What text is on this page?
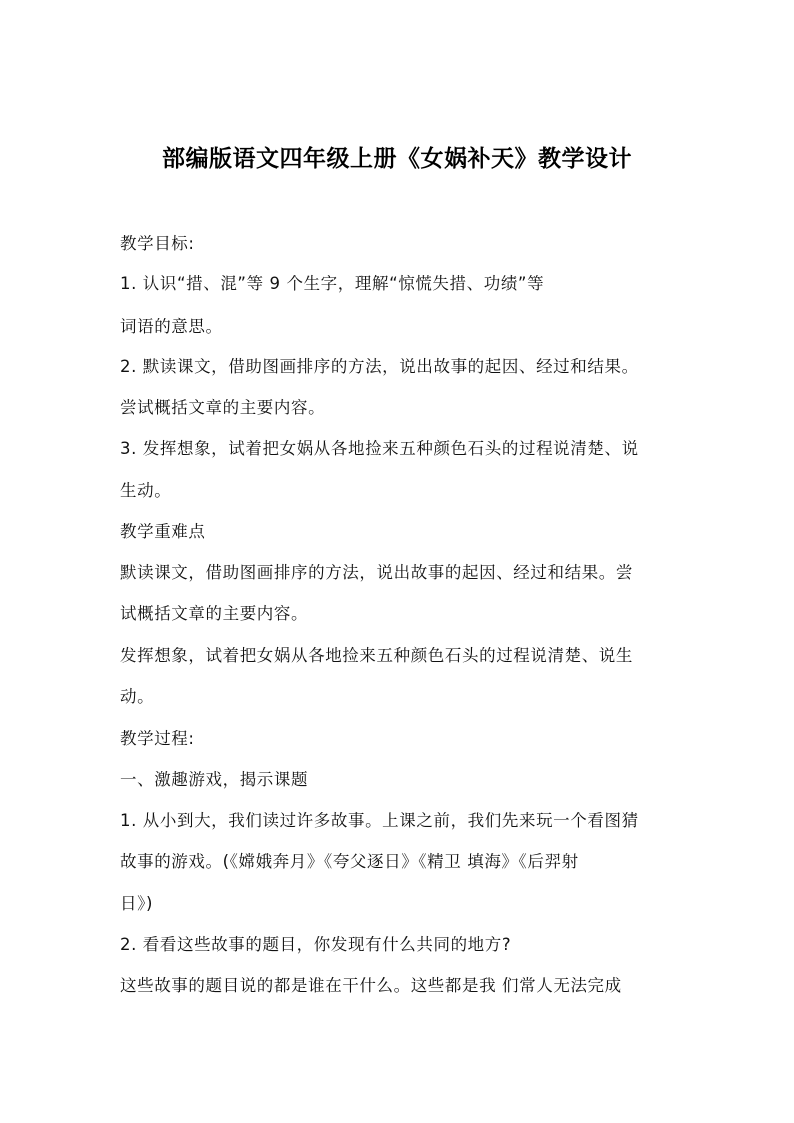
部编版语文四年级上册《女娲补天》教学设计
教学目标:
1. 认识“措、混”等 9 个生字，理解“惊慌失措、功绩”等
词语的意思。
2. 默读课文，借助图画排序的方法，说出故事的起因、经过和结果。
尝试概括文章的主要内容。
3. 发挥想象，试着把女娲从各地捡来五种颜色石头的过程说清楚、说
生动。
教学重难点
默读课文，借助图画排序的方法，说出故事的起因、经过和结果。尝
试概括文章的主要内容。
发挥想象，试着把女娲从各地捡来五种颜色石头的过程说清楚、说生
动。
教学过程:
一、激趣游戏，揭示课题
1. 从小到大，我们读过许多故事。上课之前，我们先来玩一个看图猜
故事的游戏。(《嫦娥奔月》《夸父逐日》《精卫 填海》《后羿射
日》)
2. 看看这些故事的题目，你发现有什么共同的地方?
这些故事的题目说的都是谁在干什么。这些都是我 们常人无法完成
